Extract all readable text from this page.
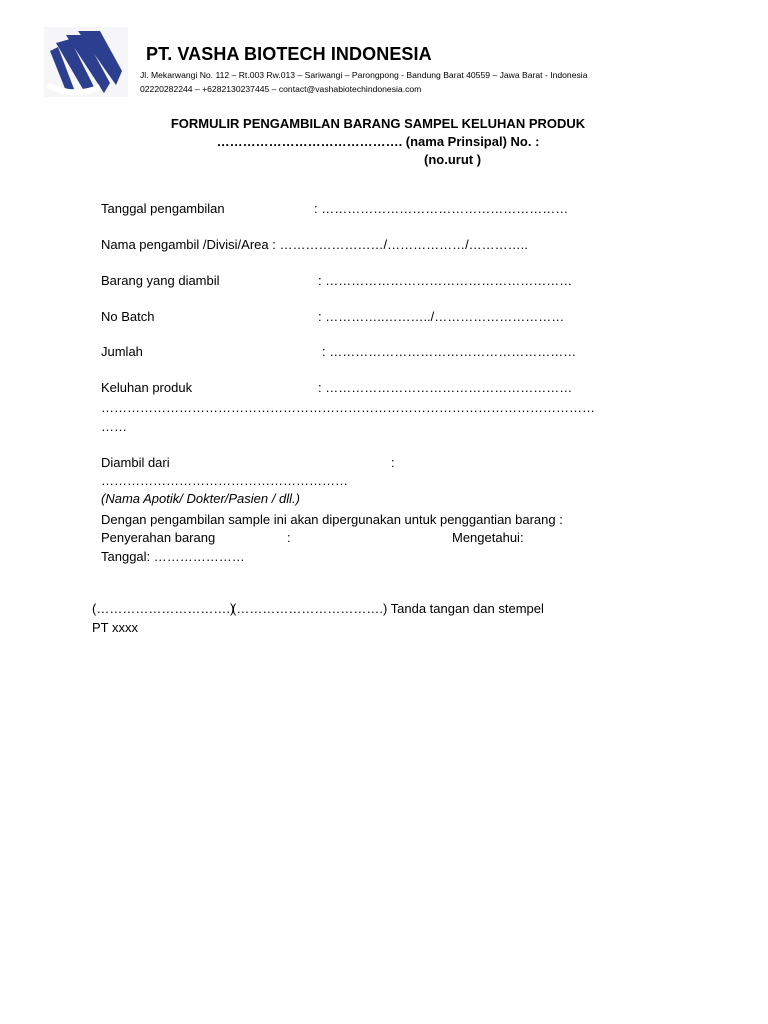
PT. VASHA BIOTECH INDONESIA
Jl. Mekarwangi No. 112 – Rt.003 Rw.013 – Sariwangi – Parongpong - Bandung Barat 40559 – Jawa Barat - Indonesia
02220282244 – +6282130237445 – contact@vashabiotechindonesia.com
FORMULIR PENGAMBILAN BARANG SAMPEL KELUHAN PRODUK
……………………………………. (nama Prinsipal) No. :
(no.urut )
Tanggal pengambilan	: …………………………………………………
Nama pengambil /Divisi/Area : ……………………/………………/…………..
Barang yang diambil	: …………………………………………………
No Batch	: …………..………../…………………………
Jumlah	: …………………………………………………
Keluhan produk	: …………………………………………………
……………………………………………………………………………………………………
……
Diambil dari	:
…………………………………………………
(Nama Apotik/ Dokter/Pasien / dll.)
Dengan pengambilan sample ini akan dipergunakan untuk penggantian barang :
Penyerahan barang	:	Mengetahui:
Tanggal: …………………
(………………………….)
(…………………………….) Tanda tangan dan stempel
PT xxxx
